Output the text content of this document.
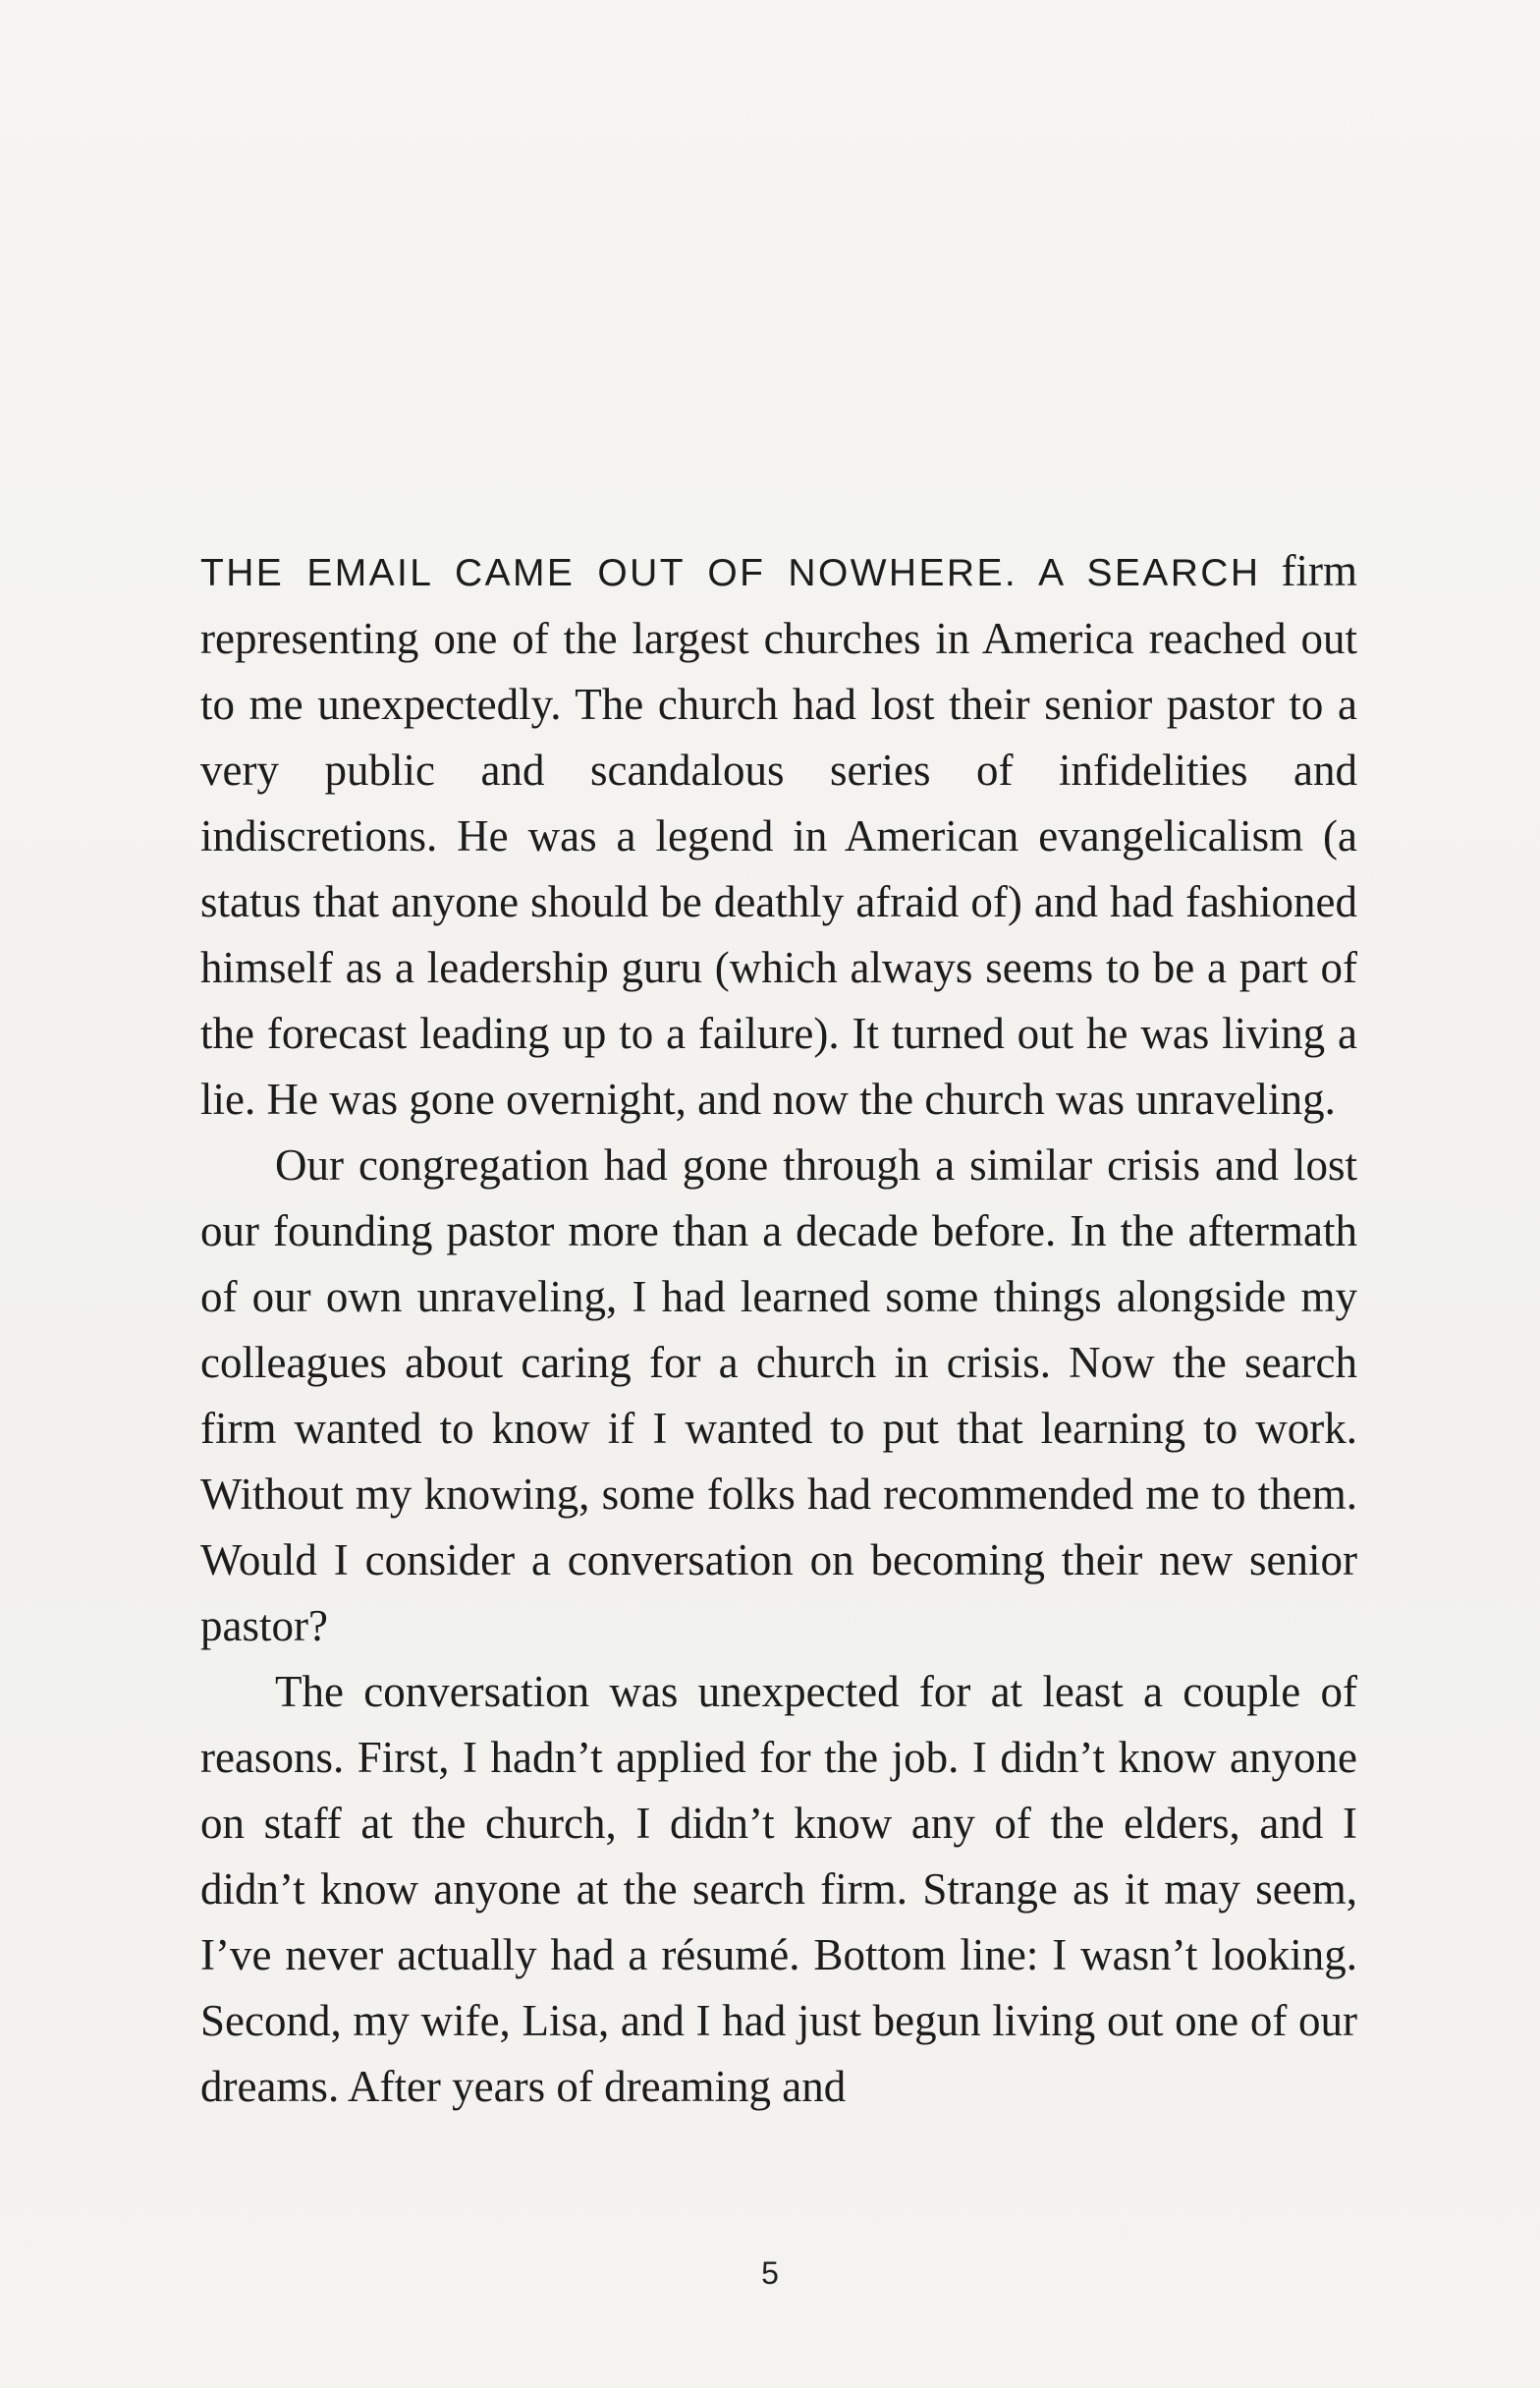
THE EMAIL CAME OUT OF NOWHERE. A SEARCH firm representing one of the largest churches in America reached out to me unexpectedly. The church had lost their senior pastor to a very public and scandalous series of infidelities and indiscretions. He was a legend in American evangelicalism (a status that anyone should be deathly afraid of) and had fashioned himself as a leadership guru (which always seems to be a part of the forecast leading up to a failure). It turned out he was living a lie. He was gone overnight, and now the church was unraveling.

Our congregation had gone through a similar crisis and lost our founding pastor more than a decade before. In the aftermath of our own unraveling, I had learned some things alongside my colleagues about caring for a church in crisis. Now the search firm wanted to know if I wanted to put that learning to work. Without my knowing, some folks had recommended me to them. Would I consider a conversation on becoming their new senior pastor?

The conversation was unexpected for at least a couple of reasons. First, I hadn’t applied for the job. I didn’t know anyone on staff at the church, I didn’t know any of the elders, and I didn’t know anyone at the search firm. Strange as it may seem, I’ve never actually had a résumé. Bottom line: I wasn’t looking. Second, my wife, Lisa, and I had just begun living out one of our dreams. After years of dreaming and

5
